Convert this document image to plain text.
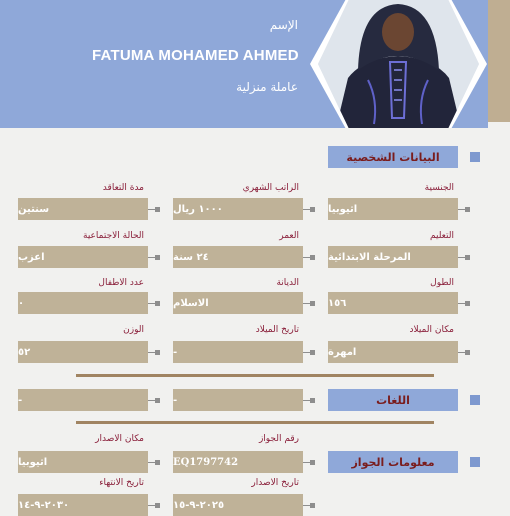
الإسم
FATUMA MOHAMED AHMED
عاملة منزلية
البيانات الشخصية
الجنسية
الراتب الشهري
مدة التعاقد
اثيوبيا
١٠٠٠ ريال
سنتين
التعليم
العمر
الحالة الاجتماعية
المرحلة الابتدائية
٢٤ سنة
اعزب
الطول
الديانة
عدد الاطفال
١٥٦
الاسلام
٠
مكان الميلاد
تاريخ الميلاد
الوزن
امهرة
-
٥٢
اللغات
-
-
رقم الجواز
مكان الاصدار
معلومات الجواز
EQ1797742
اثيوبيا
تاريخ الاصدار
تاريخ الانتهاء
٢٠٢٥-٩-١٥
٢٠٣٠-٩-١٤
